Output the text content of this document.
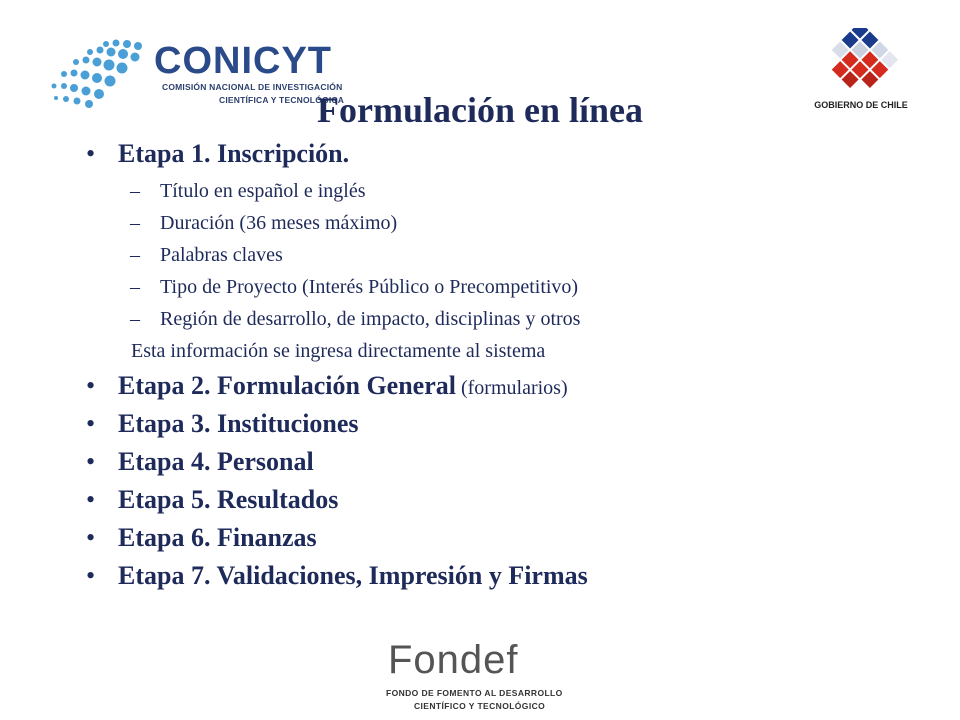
CONICYT
COMISIÓN NACIONAL DE INVESTIGACIÓN
CIENTÍFICA Y TECNOLÓGICA	GOBIERNO DE CHILE
Formulación en línea
• Etapa 1. Inscripción.
– Título en español e inglés
– Duración (36 meses máximo)
– Palabras claves
– Tipo de Proyecto (Interés Público o Precompetitivo)
– Región de desarrollo, de impacto, disciplinas y otros
Esta información se ingresa directamente al sistema
• Etapa 2. Formulación General (formularios)
• Etapa 3. Instituciones
• Etapa 4. Personal
• Etapa 5. Resultados
• Etapa 6. Finanzas
• Etapa 7. Validaciones, Impresión y Firmas
Fondef
FONDO DE FOMENTO AL DESARROLLO
CIENTÍFICO Y TECNOLÓGICO
